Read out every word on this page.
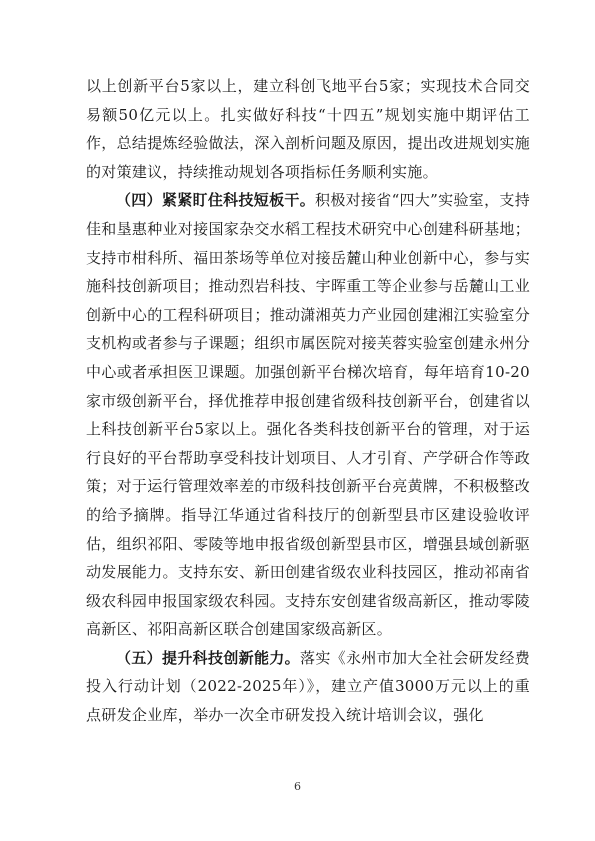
以上创新平台5家以上，建立科创飞地平台5家；实现技术合同交易额50亿元以上。扎实做好科技“十四五”规划实施中期评估工作，总结提炼经验做法，深入剖析问题及原因，提出改进规划实施的对策建议，持续推动规划各项指标任务顺利实施。

（四）紧紧盯住科技短板干。积极对接省“四大”实验室，支持佳和垦惠种业对接国家杂交水稻工程技术研究中心创建科研基地；支持市柑科所、福田茶场等单位对接岳麓山种业创新中心，参与实施科技创新项目；推动烈岩科技、宇晖重工等企业参与岳麓山工业创新中心的工程科研项目；推动潇湘英力产业园创建湘江实验室分支机构或者参与子课题；组织市属医院对接芙蓉实验室创建永州分中心或者承担医卫课题。加强创新平台梯次培育，每年培育10-20家市级创新平台，择优推荐申报创建省级科技创新平台，创建省以上科技创新平台5家以上。强化各类科技创新平台的管理，对于运行良好的平台帮助享受科技计划项目、人才引育、产学研合作等政策；对于运行管理效率差的市级科技创新平台亮黄牌，不积极整改的给予摘牌。指导江华通过省科技厅的创新型县市区建设验收评估，组织祁阳、零陵等地申报省级创新型县市区，增强县域创新驱动发展能力。支持东安、新田创建省级农业科技园区，推动祁南省级农科园申报国家级农科园。支持东安创建省级高新区，推动零陵高新区、祁阳高新区联合创建国家级高新区。

（五）提升科技创新能力。落实《永州市加大全社会研发经费投入行动计划（2022-2025年）》，建立产值3000万元以上的重点研发企业库，举办一次全市研发投入统计培训会议，强化

6
